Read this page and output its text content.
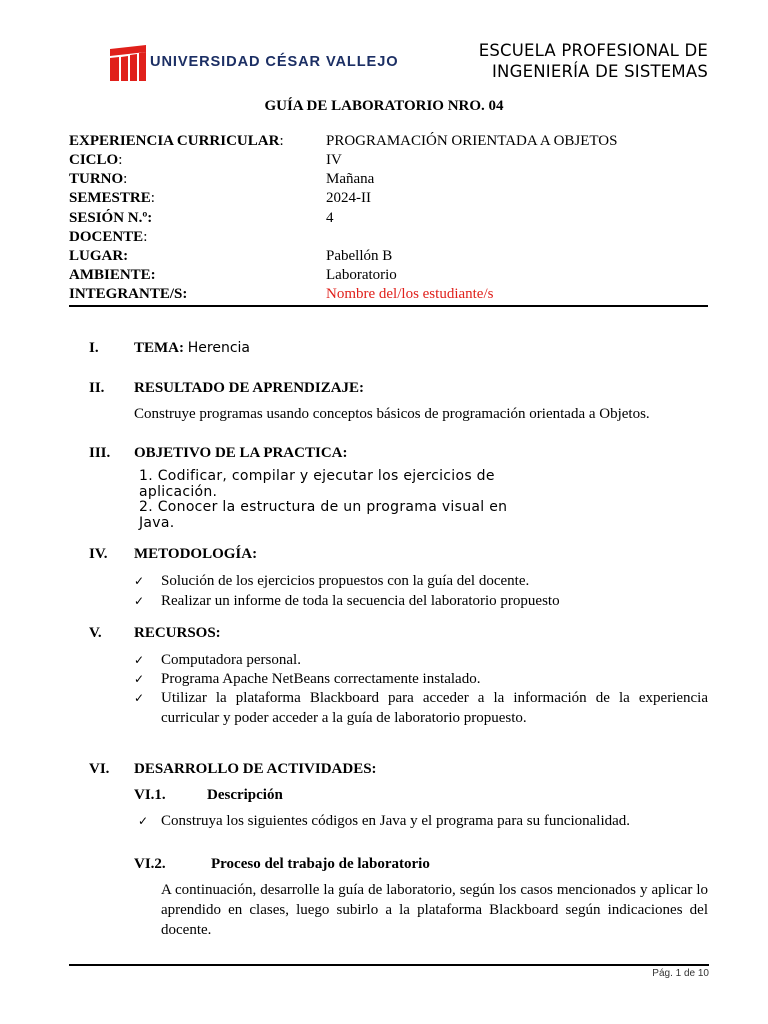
UNIVERSIDAD CÉSAR VALLEJO
ESCUELA PROFESIONAL DE
INGENIERÍA DE SISTEMAS
GUÍA DE LABORATORIO NRO. 04
EXPERIENCIA CURRICULAR:	PROGRAMACIÓN ORIENTADA A OBJETOS
CICLO:	IV
TURNO:	Mañana
SEMESTRE:	2024-II
SESIÓN N.º:	4
DOCENTE:
LUGAR:	Pabellón B
AMBIENTE:	Laboratorio
INTEGRANTE/S:	Nombre del/los estudiante/s
I. TEMA: Herencia
II. RESULTADO DE APRENDIZAJE:
Construye programas usando conceptos básicos de programación orientada a Objetos.
III. OBJETIVO DE LA PRACTICA:
1. Codificar, compilar y ejecutar los ejercicios de
aplicación.
2. Conocer la estructura de un programa visual en
Java.
IV. METODOLOGÍA:
✓ Solución de los ejercicios propuestos con la guía del docente.
✓ Realizar un informe de toda la secuencia del laboratorio propuesto
V. RECURSOS:
✓ Computadora personal.
✓ Programa Apache NetBeans correctamente instalado.
✓ Utilizar la plataforma Blackboard para acceder a la información de la experiencia curricular y poder acceder a la guía de laboratorio propuesto.
VI. DESARROLLO DE ACTIVIDADES:
VI.1.	Descripción
✓ Construya los siguientes códigos en Java y el programa para su funcionalidad.
VI.2.	Proceso del trabajo de laboratorio
A continuación, desarrolle la guía de laboratorio, según los casos mencionados y aplicar lo aprendido en clases, luego subirlo a la plataforma Blackboard según indicaciones del docente.
Pág. 1 de 10
